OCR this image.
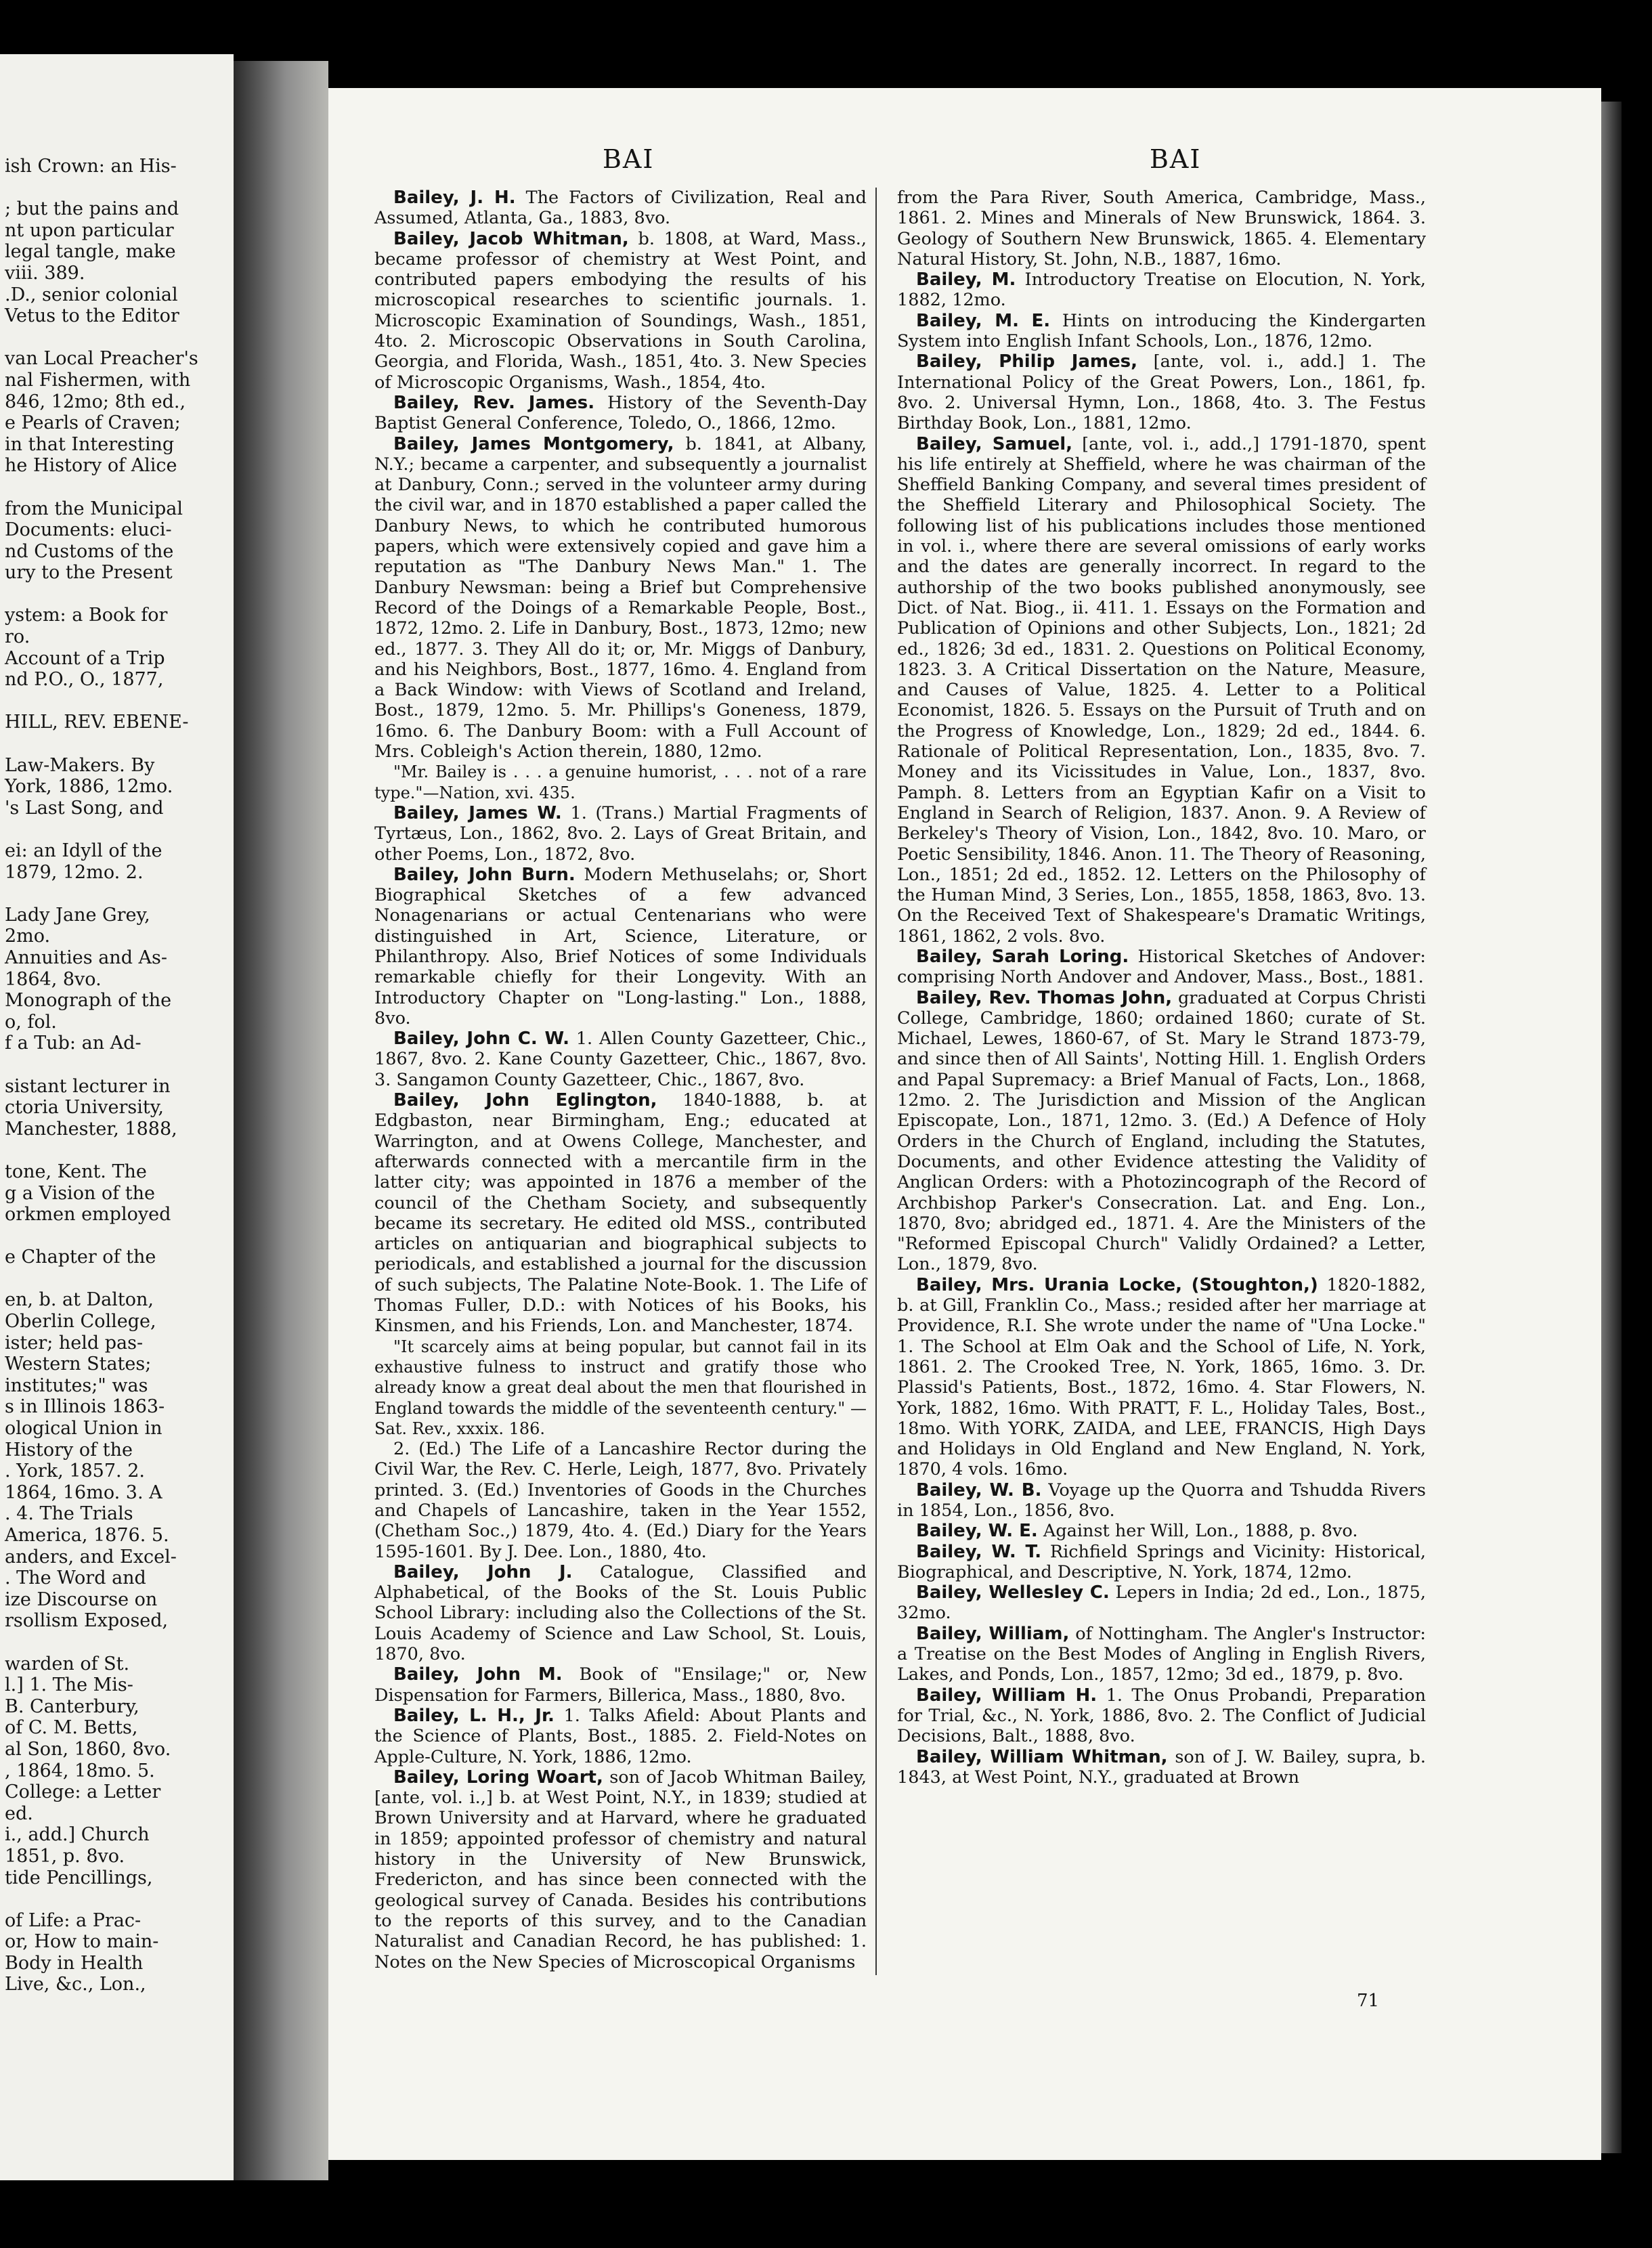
ish Crown: an His-
; but the pains and
nt upon particular
legal tangle, make
viii. 389.
.D., senior colonial
Vetus to the Editor
van Local Preacher's
nal Fishermen, with
846, 12mo; 8th ed.,
e Pearls of Craven;
in that Interesting
he History of Alice
from the Municipal
Documents: eluci-
nd Customs of the
ury to the Present
ystem: a Book for
ro.
Account of a Trip
nd P.O., O., 1877,
HILL, REV. EBENE-
Law-Makers. By
York, 1886, 12mo.
's Last Song, and
ei: an Idyll of the
1879, 12mo. 2.
Lady Jane Grey,
2mo.
Annuities and As-
1864, 8vo.
Monograph of the
o, fol.
f a Tub: an Ad-
sistant lecturer in
ctoria University,
Manchester, 1888,
tone, Kent. The
g a Vision of the
orkmen employed
e Chapter of the
en, b. at Dalton,
Oberlin College,
ister; held pas-
Western States;
institutes;" was
s in Illinois 1863-
ological Union in
History of the
. York, 1857. 2.
1864, 16mo. 3. A
. 4. The Trials
America, 1876. 5.
anders, and Excel-
. The Word and
ize Discourse on
rsollism Exposed,
warden of St.
l.] 1. The Mis-
B. Canterbury,
of C. M. Betts,
al Son, 1860, 8vo.
, 1864, 18mo. 5.
College: a Letter
ed.
i., add.] Church
1851, p. 8vo.
tide Pencillings,
of Life: a Prac-
or, How to main-
Body in Health
Live, &c., Lon.,
BAI	BAI

Bailey, J. H. The Factors of Civilization, Real and Assumed, Atlanta, Ga., 1883, 8vo.

Bailey, Jacob Whitman, b. 1808, at Ward, Mass., became professor of chemistry at West Point, and contributed papers embodying the results of his microscopical researches to scientific journals. 1. Microscopic Examination of Soundings, Wash., 1851, 4to. 2. Microscopic Observations in South Carolina, Georgia, and Florida, Wash., 1851, 4to. 3. New Species of Microscopic Organisms, Wash., 1854, 4to.

Bailey, Rev. James. History of the Seventh-Day Baptist General Conference, Toledo, O., 1866, 12mo.

Bailey, James Montgomery, b. 1841, at Albany, N.Y.; became a carpenter, and subsequently a journalist at Danbury, Conn.; served in the volunteer army during the civil war, and in 1870 established a paper called the Danbury News, to which he contributed humorous papers, which were extensively copied and gave him a reputation as "The Danbury News Man." 1. The Danbury Newsman: being a Brief but Comprehensive Record of the Doings of a Remarkable People, Bost., 1872, 12mo. 2. Life in Danbury, Bost., 1873, 12mo; new ed., 1877. 3. They All do it; or, Mr. Miggs of Danbury, and his Neighbors, Bost., 1877, 16mo. 4. England from a Back Window: with Views of Scotland and Ireland, Bost., 1879, 12mo. 5. Mr. Phillips's Goneness, 1879, 16mo. 6. The Danbury Boom: with a Full Account of Mrs. Cobleigh's Action therein, 1880, 12mo.

"Mr. Bailey is . . . a genuine humorist, . . . not of a rare type."—Nation, xvi. 435.

Bailey, James W. 1. (Trans.) Martial Fragments of Tyrtæus, Lon., 1862, 8vo. 2. Lays of Great Britain, and other Poems, Lon., 1872, 8vo.

Bailey, John Burn. Modern Methuselahs; or, Short Biographical Sketches of a few advanced Nonagenarians or actual Centenarians who were distinguished in Art, Science, Literature, or Philanthropy. Also, Brief Notices of some Individuals remarkable chiefly for their Longevity. With an Introductory Chapter on "Long-lasting." Lon., 1888, 8vo.

Bailey, John C. W. 1. Allen County Gazetteer, Chic., 1867, 8vo. 2. Kane County Gazetteer, Chic., 1867, 8vo. 3. Sangamon County Gazetteer, Chic., 1867, 8vo.

Bailey, John Eglington, 1840-1888, b. at Edgbaston, near Birmingham, Eng.; educated at Warrington, and at Owens College, Manchester, and afterwards connected with a mercantile firm in the latter city; was appointed in 1876 a member of the council of the Chetham Society, and subsequently became its secretary. He edited old MSS., contributed articles on antiquarian and biographical subjects to periodicals, and established a journal for the discussion of such subjects, The Palatine Note-Book. 1. The Life of Thomas Fuller, D.D.: with Notices of his Books, his Kinsmen, and his Friends, Lon. and Manchester, 1874.

"It scarcely aims at being popular, but cannot fail in its exhaustive fulness to instruct and gratify those who already know a great deal about the men that flourished in England towards the middle of the seventeenth century." —Sat. Rev., xxxix. 186.

2. (Ed.) The Life of a Lancashire Rector during the Civil War, the Rev. C. Herle, Leigh, 1877, 8vo. Privately printed. 3. (Ed.) Inventories of Goods in the Churches and Chapels of Lancashire, taken in the Year 1552, (Chetham Soc.,) 1879, 4to. 4. (Ed.) Diary for the Years 1595-1601. By J. Dee. Lon., 1880, 4to.

Bailey, John J. Catalogue, Classified and Alphabetical, of the Books of the St. Louis Public School Library: including also the Collections of the St. Louis Academy of Science and Law School, St. Louis, 1870, 8vo.

Bailey, John M. Book of "Ensilage;" or, New Dispensation for Farmers, Billerica, Mass., 1880, 8vo.

Bailey, L. H., Jr. 1. Talks Afield: About Plants and the Science of Plants, Bost., 1885. 2. Field-Notes on Apple-Culture, N. York, 1886, 12mo.

Bailey, Loring Woart, son of Jacob Whitman Bailey, [ante, vol. i.,] b. at West Point, N.Y., in 1839; studied at Brown University and at Harvard, where he graduated in 1859; appointed professor of chemistry and natural history in the University of New Brunswick, Fredericton, and has since been connected with the geological survey of Canada. Besides his contributions to the reports of this survey, and to the Canadian Naturalist and Canadian Record, he has published: 1. Notes on the New Species of Microscopical Organisms

from the Para River, South America, Cambridge, Mass., 1861. 2. Mines and Minerals of New Brunswick, 1864. 3. Geology of Southern New Brunswick, 1865. 4. Elementary Natural History, St. John, N.B., 1887, 16mo.

Bailey, M. Introductory Treatise on Elocution, N. York, 1882, 12mo.

Bailey, M. E. Hints on introducing the Kindergarten System into English Infant Schools, Lon., 1876, 12mo.

Bailey, Philip James, [ante, vol. i., add.] 1. The International Policy of the Great Powers, Lon., 1861, fp. 8vo. 2. Universal Hymn, Lon., 1868, 4to. 3. The Festus Birthday Book, Lon., 1881, 12mo.

Bailey, Samuel, [ante, vol. i., add.,] 1791-1870, spent his life entirely at Sheffield, where he was chairman of the Sheffield Banking Company, and several times president of the Sheffield Literary and Philosophical Society. The following list of his publications includes those mentioned in vol. i., where there are several omissions of early works and the dates are generally incorrect. In regard to the authorship of the two books published anonymously, see Dict. of Nat. Biog., ii. 411. 1. Essays on the Formation and Publication of Opinions and other Subjects, Lon., 1821; 2d ed., 1826; 3d ed., 1831. 2. Questions on Political Economy, 1823. 3. A Critical Dissertation on the Nature, Measure, and Causes of Value, 1825. 4. Letter to a Political Economist, 1826. 5. Essays on the Pursuit of Truth and on the Progress of Knowledge, Lon., 1829; 2d ed., 1844. 6. Rationale of Political Representation, Lon., 1835, 8vo. 7. Money and its Vicissitudes in Value, Lon., 1837, 8vo. Pamph. 8. Letters from an Egyptian Kafir on a Visit to England in Search of Religion, 1837. Anon. 9. A Review of Berkeley's Theory of Vision, Lon., 1842, 8vo. 10. Maro, or Poetic Sensibility, 1846. Anon. 11. The Theory of Reasoning, Lon., 1851; 2d ed., 1852. 12. Letters on the Philosophy of the Human Mind, 3 Series, Lon., 1855, 1858, 1863, 8vo. 13. On the Received Text of Shakespeare's Dramatic Writings, 1861, 1862, 2 vols. 8vo.

Bailey, Sarah Loring. Historical Sketches of Andover: comprising North Andover and Andover, Mass., Bost., 1881.

Bailey, Rev. Thomas John, graduated at Corpus Christi College, Cambridge, 1860; ordained 1860; curate of St. Michael, Lewes, 1860-67, of St. Mary le Strand 1873-79, and since then of All Saints', Notting Hill. 1. English Orders and Papal Supremacy: a Brief Manual of Facts, Lon., 1868, 12mo. 2. The Jurisdiction and Mission of the Anglican Episcopate, Lon., 1871, 12mo. 3. (Ed.) A Defence of Holy Orders in the Church of England, including the Statutes, Documents, and other Evidence attesting the Validity of Anglican Orders: with a Photozincograph of the Record of Archbishop Parker's Consecration. Lat. and Eng. Lon., 1870, 8vo; abridged ed., 1871. 4. Are the Ministers of the "Reformed Episcopal Church" Validly Ordained? a Letter, Lon., 1879, 8vo.

Bailey, Mrs. Urania Locke, (Stoughton,) 1820-1882, b. at Gill, Franklin Co., Mass.; resided after her marriage at Providence, R.I. She wrote under the name of "Una Locke." 1. The School at Elm Oak and the School of Life, N. York, 1861. 2. The Crooked Tree, N. York, 1865, 16mo. 3. Dr. Plassid's Patients, Bost., 1872, 16mo. 4. Star Flowers, N. York, 1882, 16mo. With PRATT, F. L., Holiday Tales, Bost., 18mo. With YORK, ZAIDA, and LEE, FRANCIS, High Days and Holidays in Old England and New England, N. York, 1870, 4 vols. 16mo.

Bailey, W. B. Voyage up the Quorra and Tshudda Rivers in 1854, Lon., 1856, 8vo.

Bailey, W. E. Against her Will, Lon., 1888, p. 8vo.

Bailey, W. T. Richfield Springs and Vicinity: Historical, Biographical, and Descriptive, N. York, 1874, 12mo.

Bailey, Wellesley C. Lepers in India; 2d ed., Lon., 1875, 32mo.

Bailey, William, of Nottingham. The Angler's Instructor: a Treatise on the Best Modes of Angling in English Rivers, Lakes, and Ponds, Lon., 1857, 12mo; 3d ed., 1879, p. 8vo.

Bailey, William H. 1. The Onus Probandi, Preparation for Trial, &c., N. York, 1886, 8vo. 2. The Conflict of Judicial Decisions, Balt., 1888, 8vo.

Bailey, William Whitman, son of J. W. Bailey, supra, b. 1843, at West Point, N.Y., graduated at Brown

71
